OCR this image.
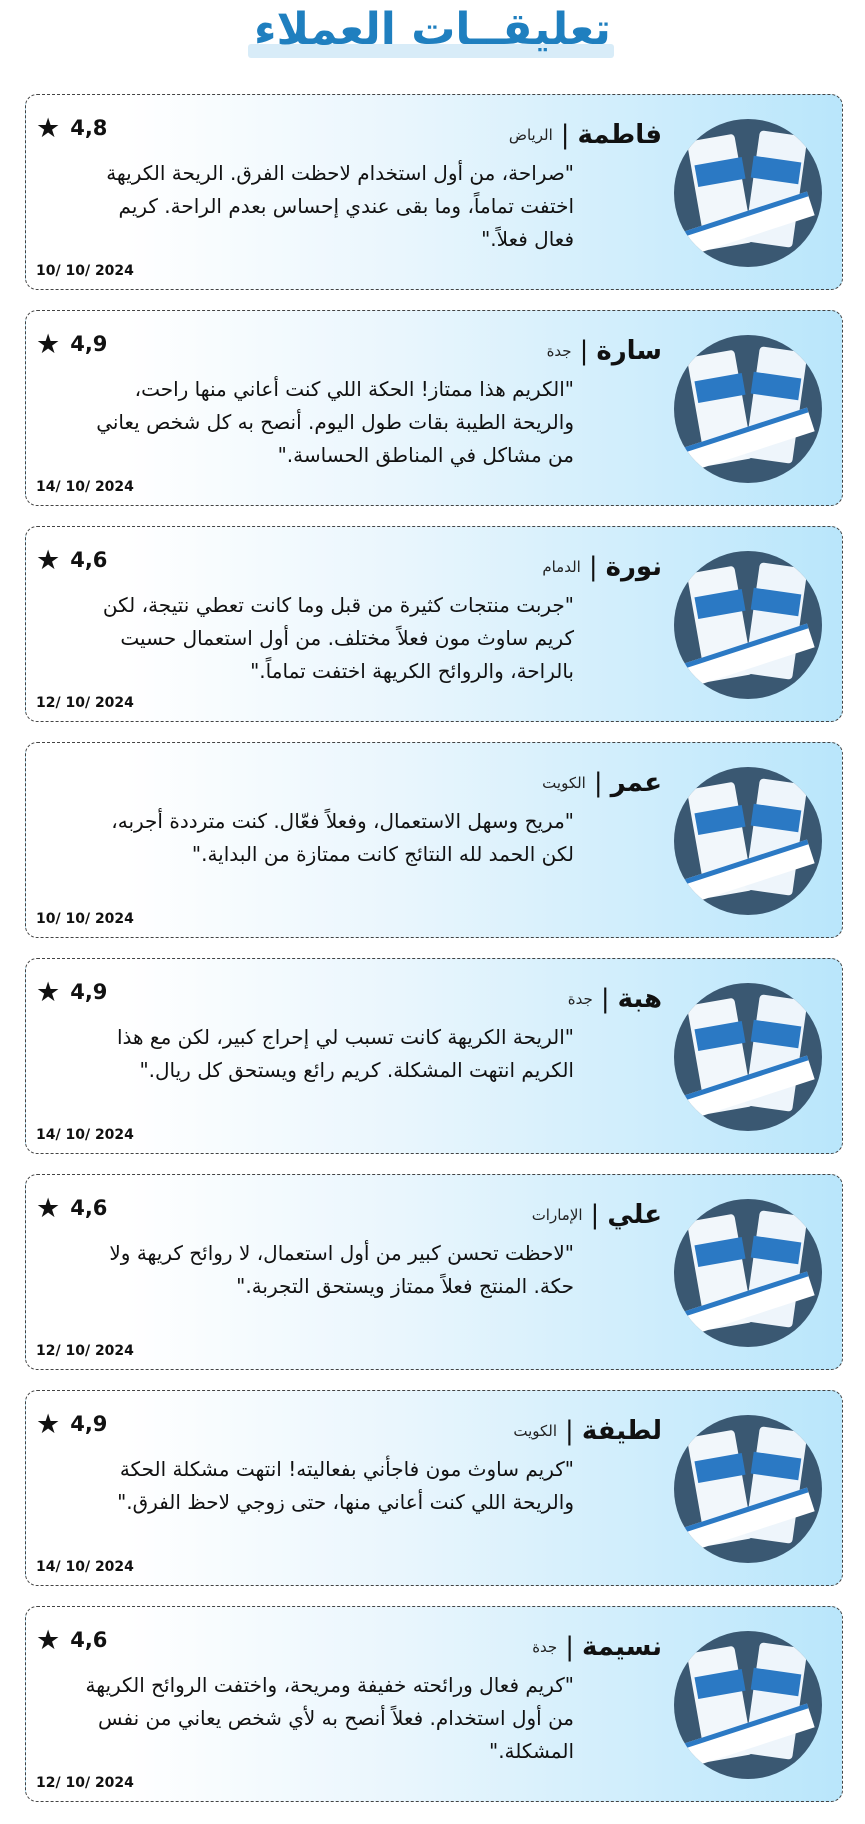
تعليقــات العملاء
فاطمة
|
الرياض
★ 4,8

"صراحة، من أول استخدام لاحظت الفرق. الريحة الكريهة اختفت تماماً، وما بقى عندي إحساس بعدم الراحة. كريم فعال فعلاً."

10/ 10/ 2024
سارة
|
جدة
★ 4,9

"الكريم هذا ممتاز! الحكة اللي كنت أعاني منها راحت، والريحة الطيبة بقات طول اليوم. أنصح به كل شخص يعاني من مشاكل في المناطق الحساسة."

14/ 10/ 2024
نورة
|
الدمام
★ 4,6

"جربت منتجات كثيرة من قبل وما كانت تعطي نتيجة، لكن كريم ساوث مون فعلاً مختلف. من أول استعمال حسيت بالراحة، والروائح الكريهة اختفت تماماً."

12/ 10/ 2024
عمر
|
الكويت

"مريح وسهل الاستعمال، وفعلاً فعّال. كنت مترددة أجربه، لكن الحمد لله النتائج كانت ممتازة من البداية."

10/ 10/ 2024
هبة
|
جدة
★ 4,9

"الريحة الكريهة كانت تسبب لي إحراج كبير، لكن مع هذا الكريم انتهت المشكلة. كريم رائع ويستحق كل ريال."

14/ 10/ 2024
علي
|
الإمارات
★ 4,6

"لاحظت تحسن كبير من أول استعمال، لا روائح كريهة ولا حكة. المنتج فعلاً ممتاز ويستحق التجربة."

12/ 10/ 2024
لطيفة
|
الكويت
★ 4,9

"كريم ساوث مون فاجأني بفعاليته! انتهت مشكلة الحكة والريحة اللي كنت أعاني منها، حتى زوجي لاحظ الفرق."

14/ 10/ 2024
نسيمة
|
جدة
★ 4,6

"كريم فعال ورائحته خفيفة ومريحة، واختفت الروائح الكريهة من أول استخدام. فعلاً أنصح به لأي شخص يعاني من نفس المشكلة."

12/ 10/ 2024
